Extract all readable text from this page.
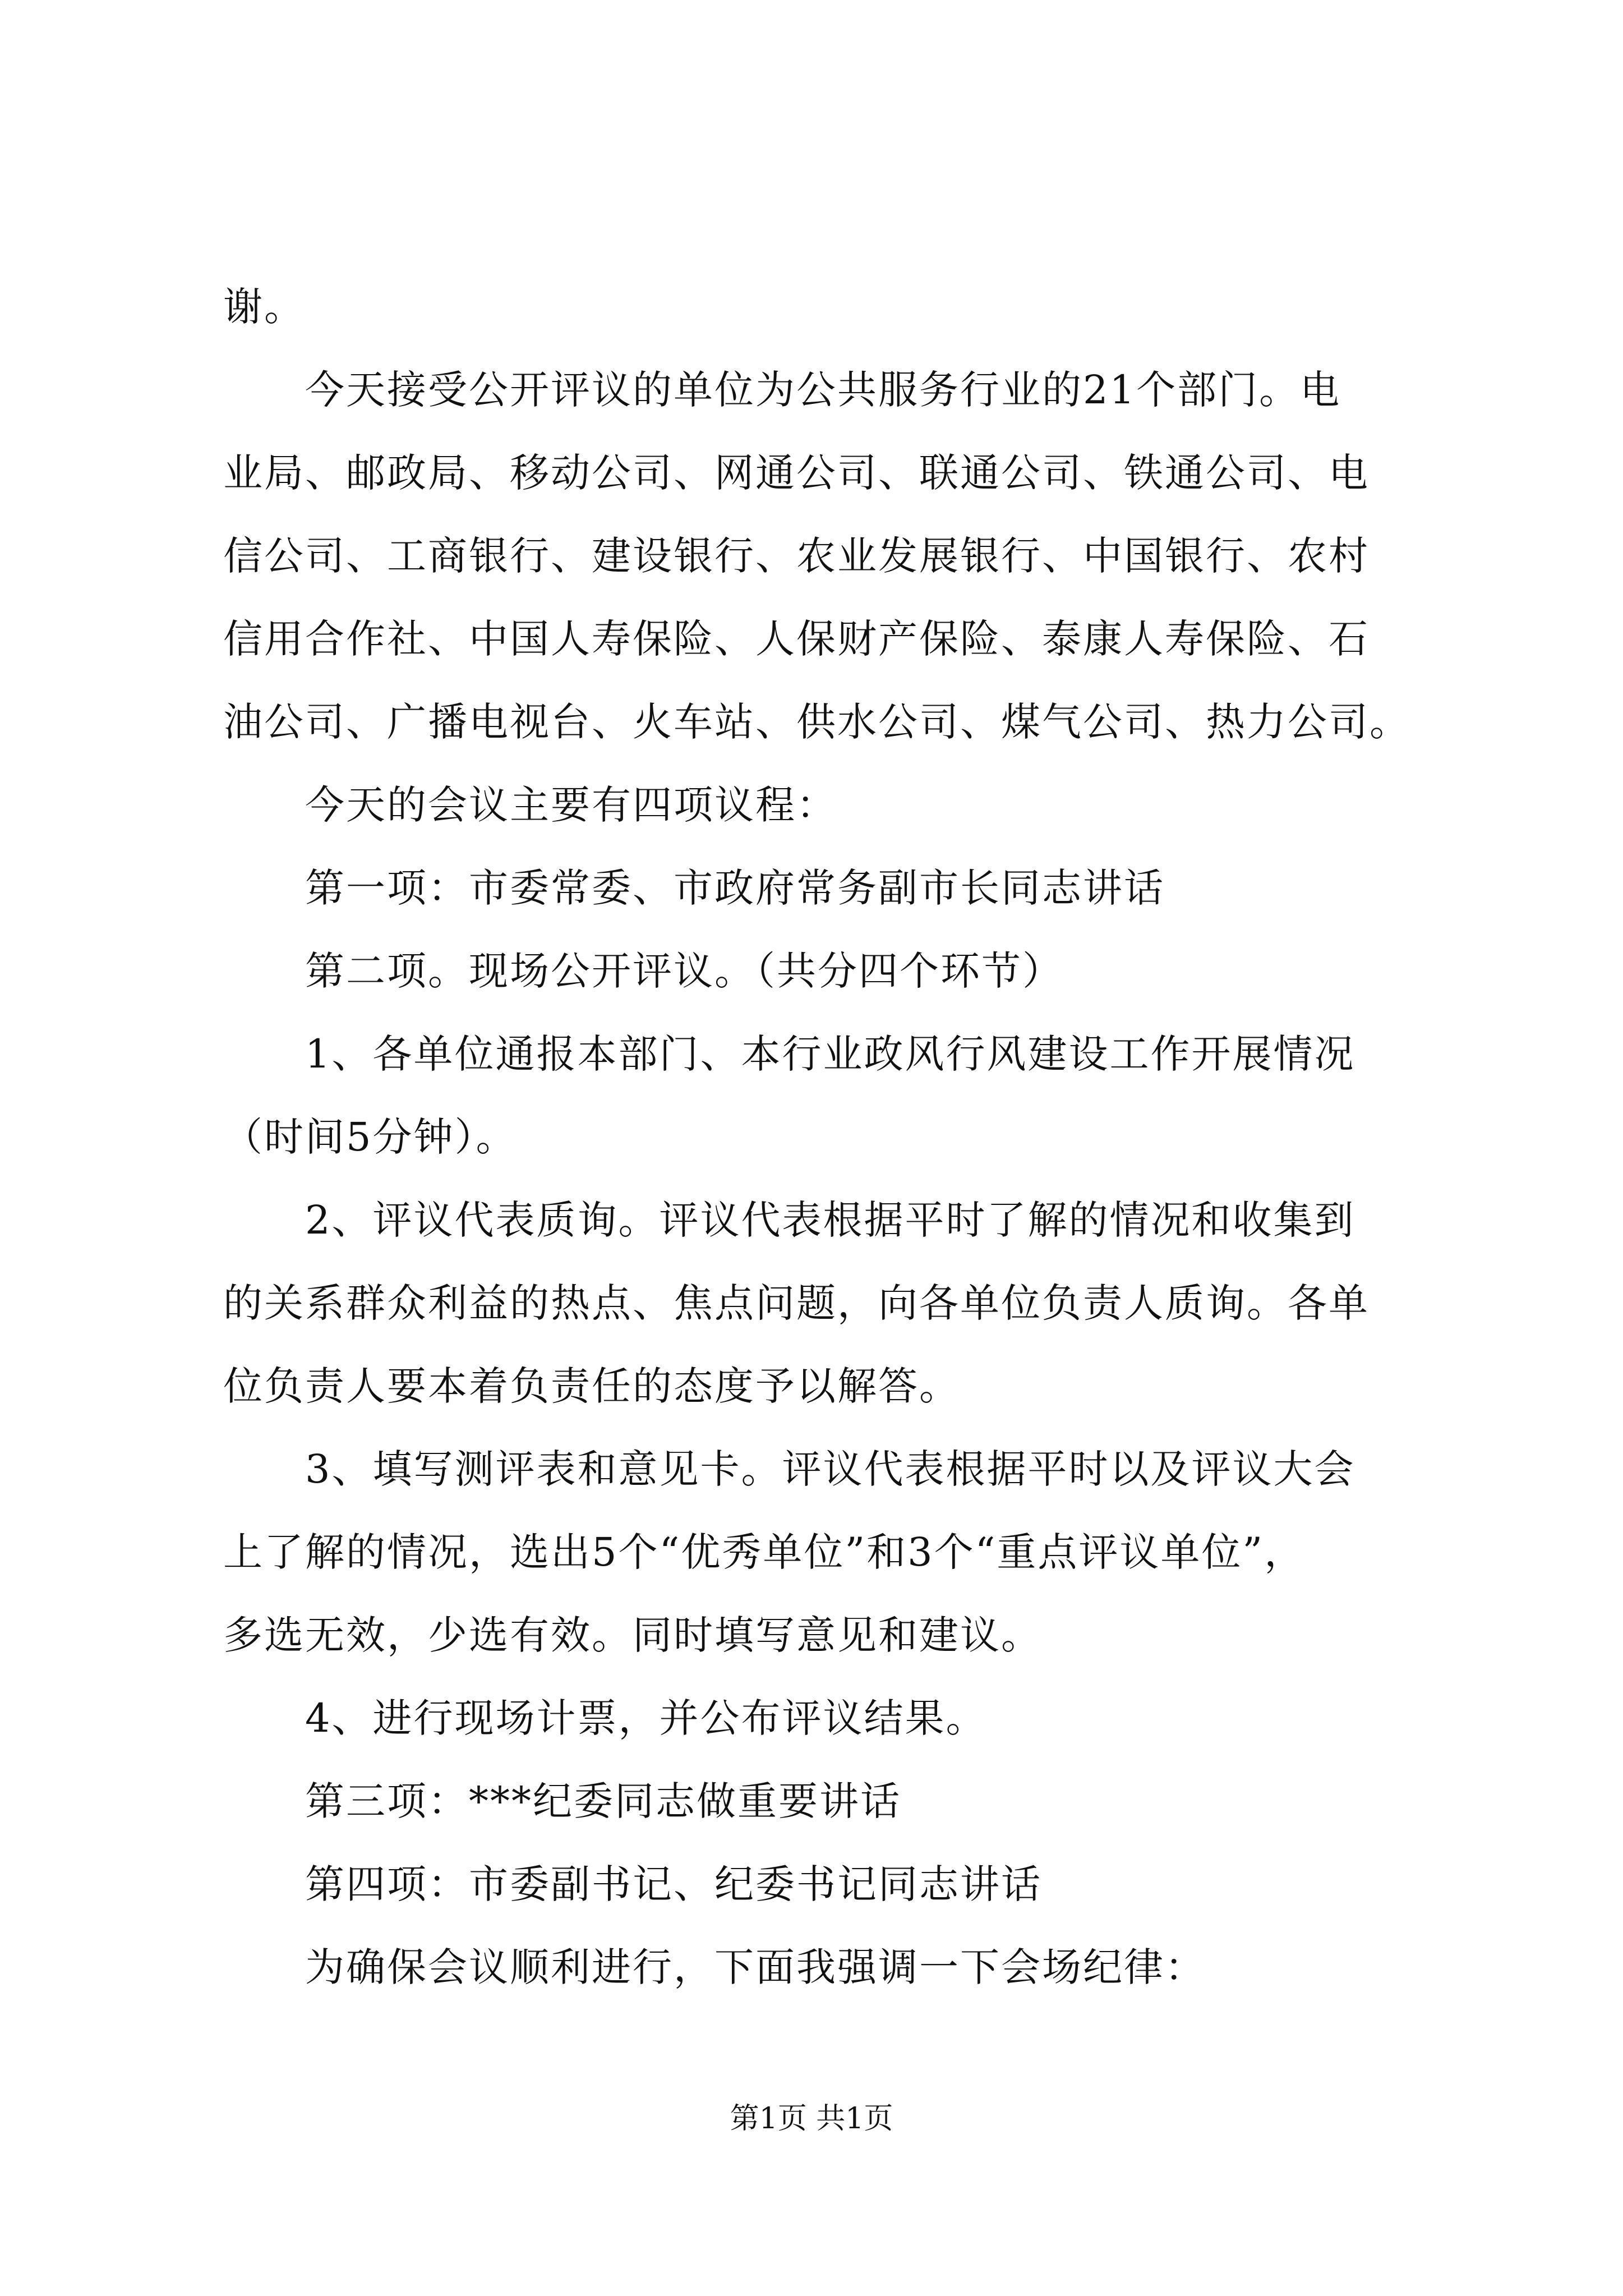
谢。
今天接受公开评议的单位为公共服务行业的21个部门。电
业局、邮政局、移动公司、网通公司、联通公司、铁通公司、电
信公司、工商银行、建设银行、农业发展银行、中国银行、农村
信用合作社、中国人寿保险、人保财产保险、泰康人寿保险、石
油公司、广播电视台、火车站、供水公司、煤气公司、热力公司。
今天的会议主要有四项议程：
第一项：市委常委、市政府常务副市长同志讲话
第二项。现场公开评议。（共分四个环节）
1、各单位通报本部门、本行业政风行风建设工作开展情况
（时间5分钟）。
2、评议代表质询。评议代表根据平时了解的情况和收集到
的关系群众利益的热点、焦点问题，向各单位负责人质询。各单
位负责人要本着负责任的态度予以解答。
3、填写测评表和意见卡。评议代表根据平时以及评议大会
上了解的情况，选出5个“优秀单位”和3个“重点评议单位”，
多选无效，少选有效。同时填写意见和建议。
4、进行现场计票，并公布评议结果。
第三项：***纪委同志做重要讲话
第四项：市委副书记、纪委书记同志讲话
为确保会议顺利进行，下面我强调一下会场纪律：
第1页 共1页
